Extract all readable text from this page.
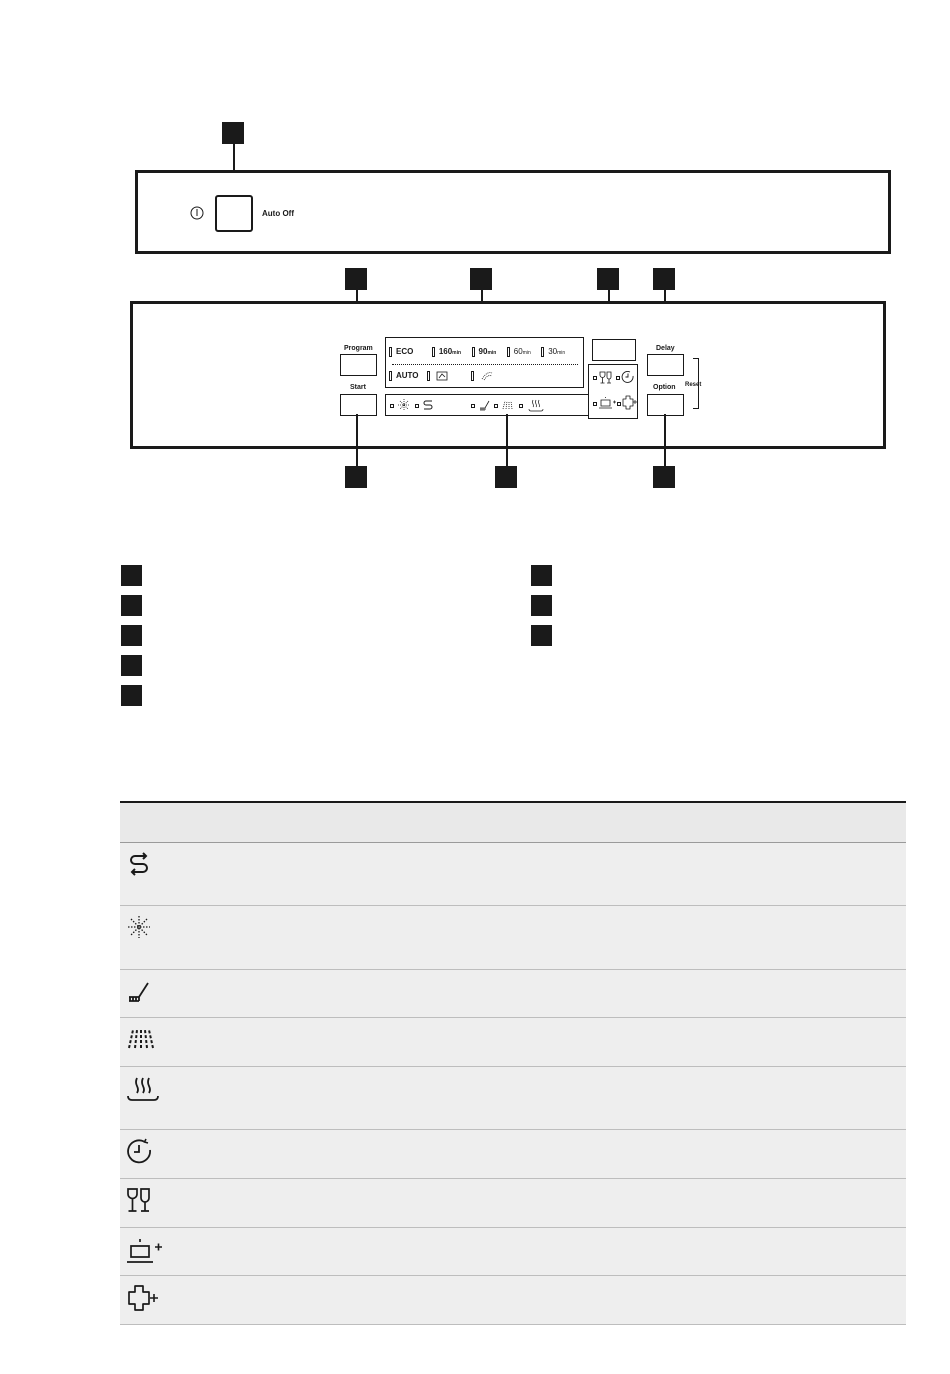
Auto Off
Program
Start
ECO	160min 90min 60min 30min
AUTO
Delay
Option Reset
